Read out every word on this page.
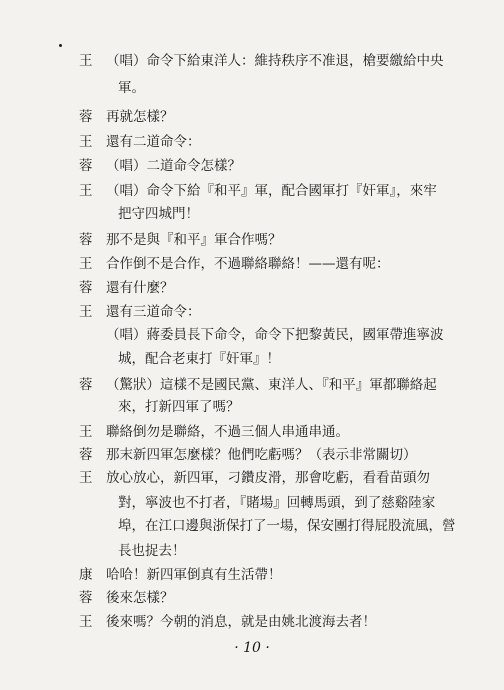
王	（唱）命令下給東洋人：維持秩序不准退，槍要繳給中央
軍。
蓉	再就怎樣？
王	還有二道命令：
蓉	（唱）二道命令怎樣？
王	（唱）命令下給『和平』軍，配合國軍打『奸軍』，來牢
把守四城門！
蓉	那不是與『和平』軍合作嗎？
王	合作倒不是合作，不過聯絡聯絡！——還有呢：
蓉	還有什麼？
王	還有三道命令：
（唱）蔣委員長下命令，命令下把黎黃民，國軍帶進寧波
城，配合老東打『奸軍』！
蓉	（驚狀）這樣不是國民黨、東洋人、『和平』軍都聯絡起
來，打新四軍了嗎？
王	聯絡倒勿是聯絡，不過三個人串通串通。
蓉	那末新四軍怎麼樣？他們吃虧嗎？（表示非常關切）
王	放心放心，新四軍，刁鑽皮滑，那會吃虧，看看苗頭勿
對，寧波也不打者，『賭場』回轉馬頭，到了慈谿陸家
埠，在江口邊與浙保打了一場，保安團打得屁股流風，營
長也捉去！
康	哈哈！新四軍倒真有生活帶！
蓉	後來怎樣？
王	後來嗎？今朝的消息，就是由姚北渡海去者！
· 10 ·
